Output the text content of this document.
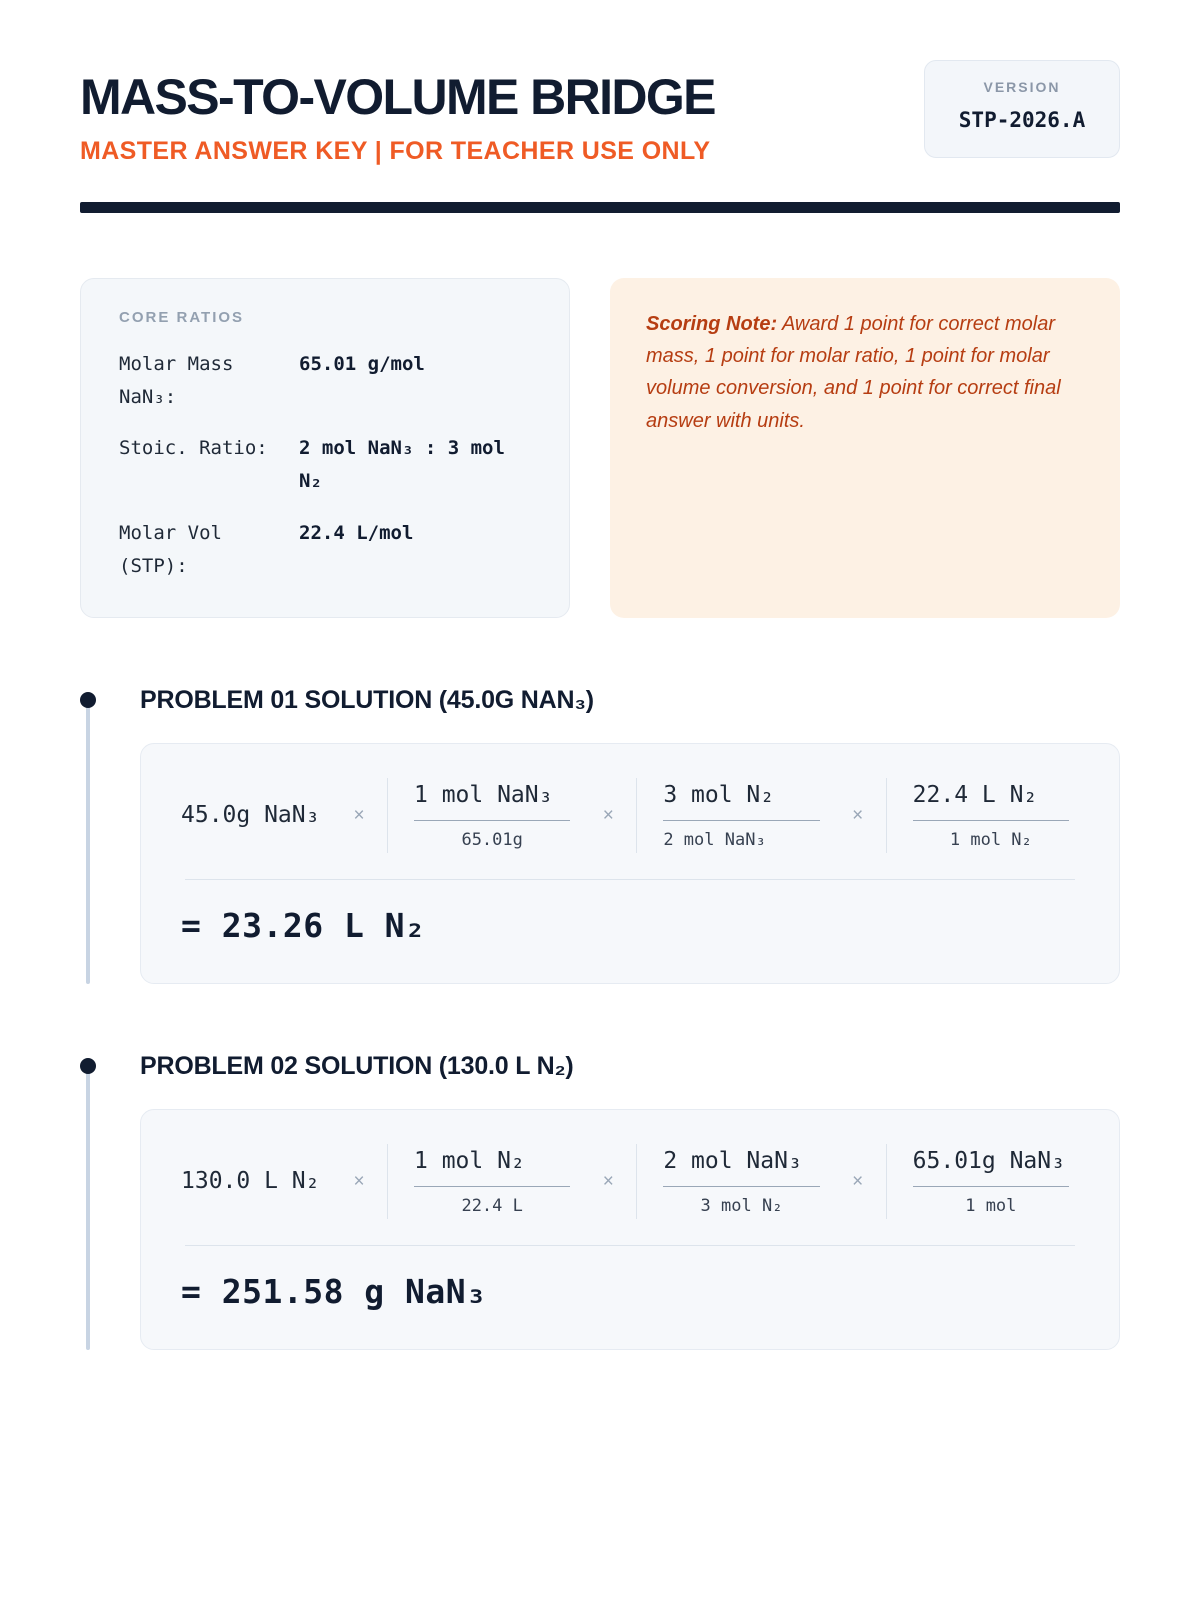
MASS-TO-VOLUME BRIDGE
MASTER ANSWER KEY | FOR TEACHER USE ONLY
VERSION
STP-2026.A
CORE RATIOS
Molar Mass NaN₃:
65.01 g/mol
Stoic. Ratio:	2 mol NaN₃ : 3 mol N₂
Molar Vol (STP):
22.4 L/mol
Scoring Note: Award 1 point for correct molar mass, 1 point for molar ratio, 1 point for molar volume conversion, and 1 point for correct final answer with units.
PROBLEM 01 SOLUTION (45.0G NAN₃)
45.0g NaN₃	× $\frac{\text{1 mol NaN₃}}{65.01g}$	× $\frac{\text{3 mol N₂}}{\text{2 mol NaN₃}}$	× $\frac{\text{22.4 L N₂}}{\text{1 mol N₂}}$
= 23.26 L N₂
PROBLEM 02 SOLUTION (130.0 L N₂)
130.0 L N₂	× $\frac{\text{1 mol N₂}}{22.4 L}$	× $\frac{\text{2 mol NaN₃}}{\text{3 mol N₂}}$	× $\frac{\text{65.01g NaN₃}}{\text{1 mol}}$
= 251.58 g NaN₃
